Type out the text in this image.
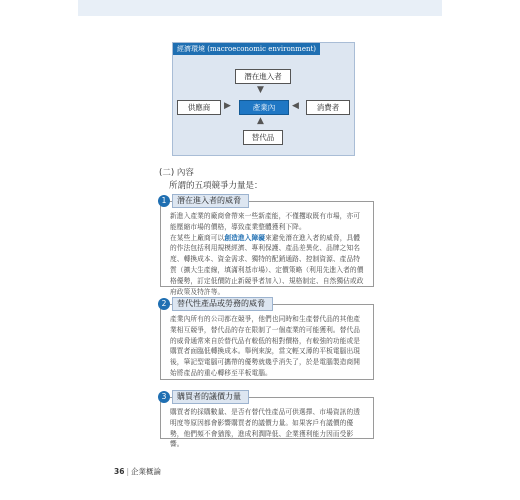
經濟環境 (macroeconomic environment)
潛在進入者
▼
供應商	▶	產業內	◀	消費者
▲
替代品
(二) 內容
所謂的五項競爭力量是：
新進入產業的廠商會帶來一些新產能，不僅攫取既有市場，亦可能壓縮市場的價格，導致產業整體獲利下降。
在某些上廠商可以創造進入障礙來避免潛在進入者的威脅，具體的作法包括利用規模經濟、專利保護、產品差異化、品牌之知名度、轉換成本、資金需求、獨特的配銷通路、控制資源、產品特質（擴大生產線，填滿利基市場）、定價策略（利用先進入者的價格優勢，訂定低價防止新競爭者加入）、規格制定、自然獨佔或政府政策及特許等。
1	潛在進入者的威脅
產業內所有的公司都在競爭，他們也同時和生產替代品的其他產業相互競爭，替代品的存在限制了一個產業的可能獲利。替代品的威脅通常來自於替代品有較低的相對價格，有較強的功能或是購買者面臨低轉換成本。舉例來說，當文輕又薄的平板電腦出現後，筆記型電腦可攜帶的優勢就幾乎消失了，於是電腦製造商開始將產品的重心轉移至平板電腦。
2	替代性產品或勞務的威脅
購買者的採購數量、是否有替代性產品可供選擇、市場資訊的透明度等原因都會影響購買者的議價力量。如果客戶有議價的優勢，他們頻不會猶豫，進成利潤降低、企業獲利能力因而受影響。
3	購買者的議價力量
36 | 企業概論
